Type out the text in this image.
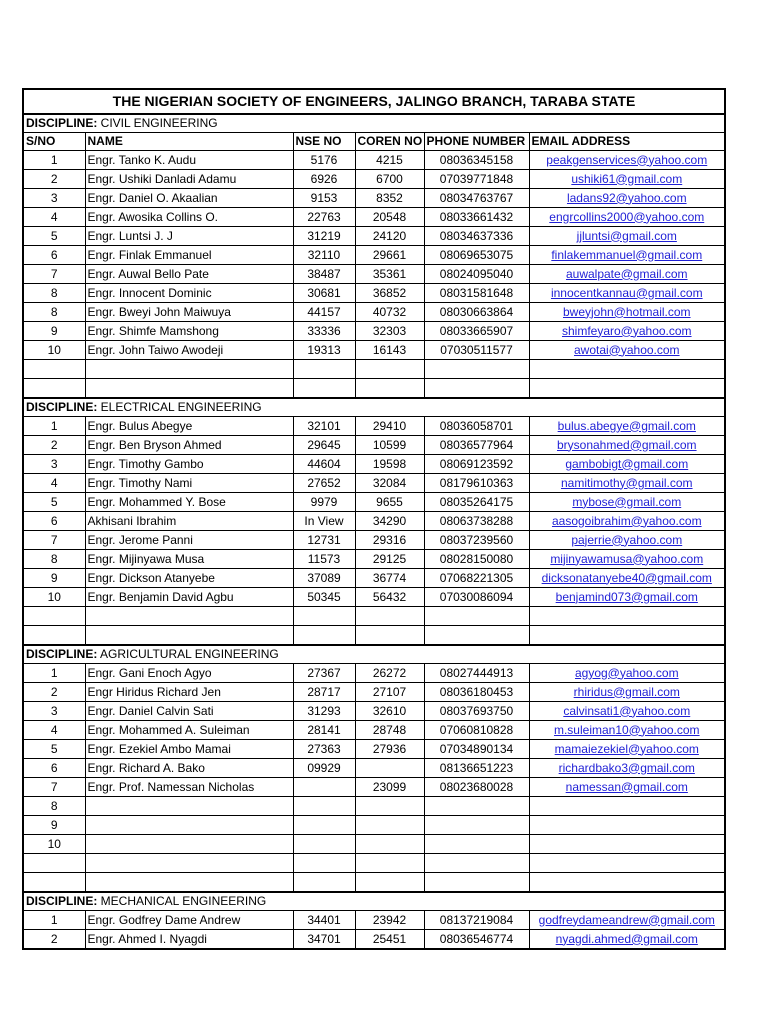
THE NIGERIAN SOCIETY OF ENGINEERS, JALINGO BRANCH, TARABA STATE					
DISCIPLINE: CIVIL ENGINEERING					
S/NO	NAME	NSE NO	COREN NO	PHONE NUMBER	EMAIL ADDRESS
1	Engr. Tanko K. Audu	5176	4215	08036345158	peakgenservices@yahoo.com
2	Engr. Ushiki Danladi Adamu	6926	6700	07039771848	ushiki61@gmail.com
3	Engr. Daniel O. Akaalian	9153	8352	08034763767	ladans92@yahoo.com
4	Engr. Awosika Collins O.	22763	20548	08033661432	engrcollins2000@yahoo.com
5	Engr. Luntsi J. J	31219	24120	08034637336	jjluntsi@gmail.com
6	Engr. Finlak Emmanuel	32110	29661	08069653075	finlakemmanuel@gmail.com
7	Engr. Auwal Bello Pate	38487	35361	08024095040	auwalpate@gmail.com
8	Engr. Innocent Dominic	30681	36852	08031581648	innocentkannau@gmail.com
8	Engr. Bweyi John Maiwuya	44157	40732	08030663864	bweyjohn@hotmail.com
9	Engr. Shimfe Mamshong	33336	32303	08033665907	shimfeyaro@yahoo.com
10	Engr. John Taiwo Awodeji	19313	16143	07030511577	awotai@yahoo.com

DISCIPLINE: ELECTRICAL ENGINEERING					
1	Engr. Bulus Abegye	32101	29410	08036058701	bulus.abegye@gmail.com
2	Engr. Ben Bryson Ahmed	29645	10599	08036577964	brysonahmed@gmail.com
3	Engr. Timothy Gambo	44604	19598	08069123592	gambobigt@gmail.com
4	Engr. Timothy Nami	27652	32084	08179610363	namitimothy@gmail.com
5	Engr. Mohammed Y. Bose	9979	9655	08035264175	mybose@gmail.com
6	Akhisani Ibrahim	In View	34290	08063738288	aasogoibrahim@yahoo.com
7	Engr. Jerome Panni	12731	29316	08037239560	pajerrie@yahoo.com
8	Engr. Mijinyawa Musa	11573	29125	08028150080	mijinyawamusa@yahoo.com
9	Engr. Dickson Atanyebe	37089	36774	07068221305	dicksonatanyebe40@gmail.com
10	Engr. Benjamin David Agbu	50345	56432	07030086094	benjamind073@gmail.com

DISCIPLINE: AGRICULTURAL ENGINEERING					
1	Engr. Gani Enoch Agyo	27367	26272	08027444913	agyog@yahoo.com
2	Engr Hiridus Richard Jen	28717	27107	08036180453	rhiridus@gmail.com
3	Engr. Daniel Calvin Sati	31293	32610	08037693750	calvinsati1@yahoo.com
4	Engr. Mohammed A. Suleiman	28141	28748	07060810828	m.suleiman10@yahoo.com
5	Engr. Ezekiel Ambo Mamai	27363	27936	07034890134	mamaiezekiel@yahoo.com
6	Engr. Richard A. Bako	09929		08136651223	richardbako3@gmail.com
7	Engr. Prof. Namessan Nicholas		23099	08023680028	namessan@gmail.com
8					
9					
10					

DISCIPLINE: MECHANICAL ENGINEERING					
1	Engr. Godfrey Dame Andrew	34401	23942	08137219084	godfreydameandrew@gmail.com
2	Engr. Ahmed I. Nyagdi	34701	25451	08036546774	nyagdi.ahmed@gmail.com
